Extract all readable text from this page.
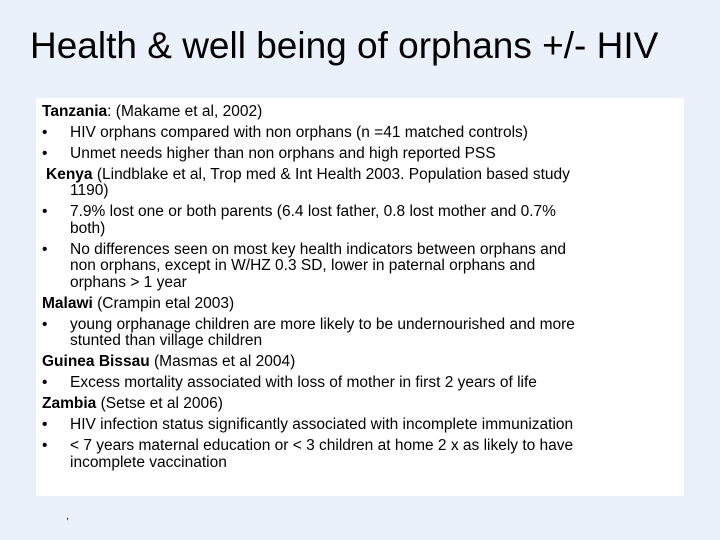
Health & well being of orphans +/- HIV
Tanzania: (Makame et al, 2002)
•	HIV orphans compared with non orphans (n =41 matched controls)
•	Unmet needs higher than non orphans and high reported PSS
Kenya (Lindblake et al, Trop med & Int Health 2003. Population based study
1190)
•	7.9% lost one or both parents (6.4 lost father, 0.8 lost mother and 0.7%
both)
•	No differences seen on most key health indicators between orphans and
non orphans, except in W/HZ 0.3 SD, lower in paternal orphans and
orphans > 1 year
Malawi (Crampin etal 2003)
•	young orphanage children are more likely to be undernourished and more
stunted than village children
Guinea Bissau (Masmas et al 2004)
•	Excess mortality associated with loss of mother in first 2 years of life
Zambia (Setse et al 2006)
•	HIV infection status significantly associated with incomplete immunization
•	< 7 years maternal education or < 3 children at home 2 x as likely to have
incomplete vaccination
,
